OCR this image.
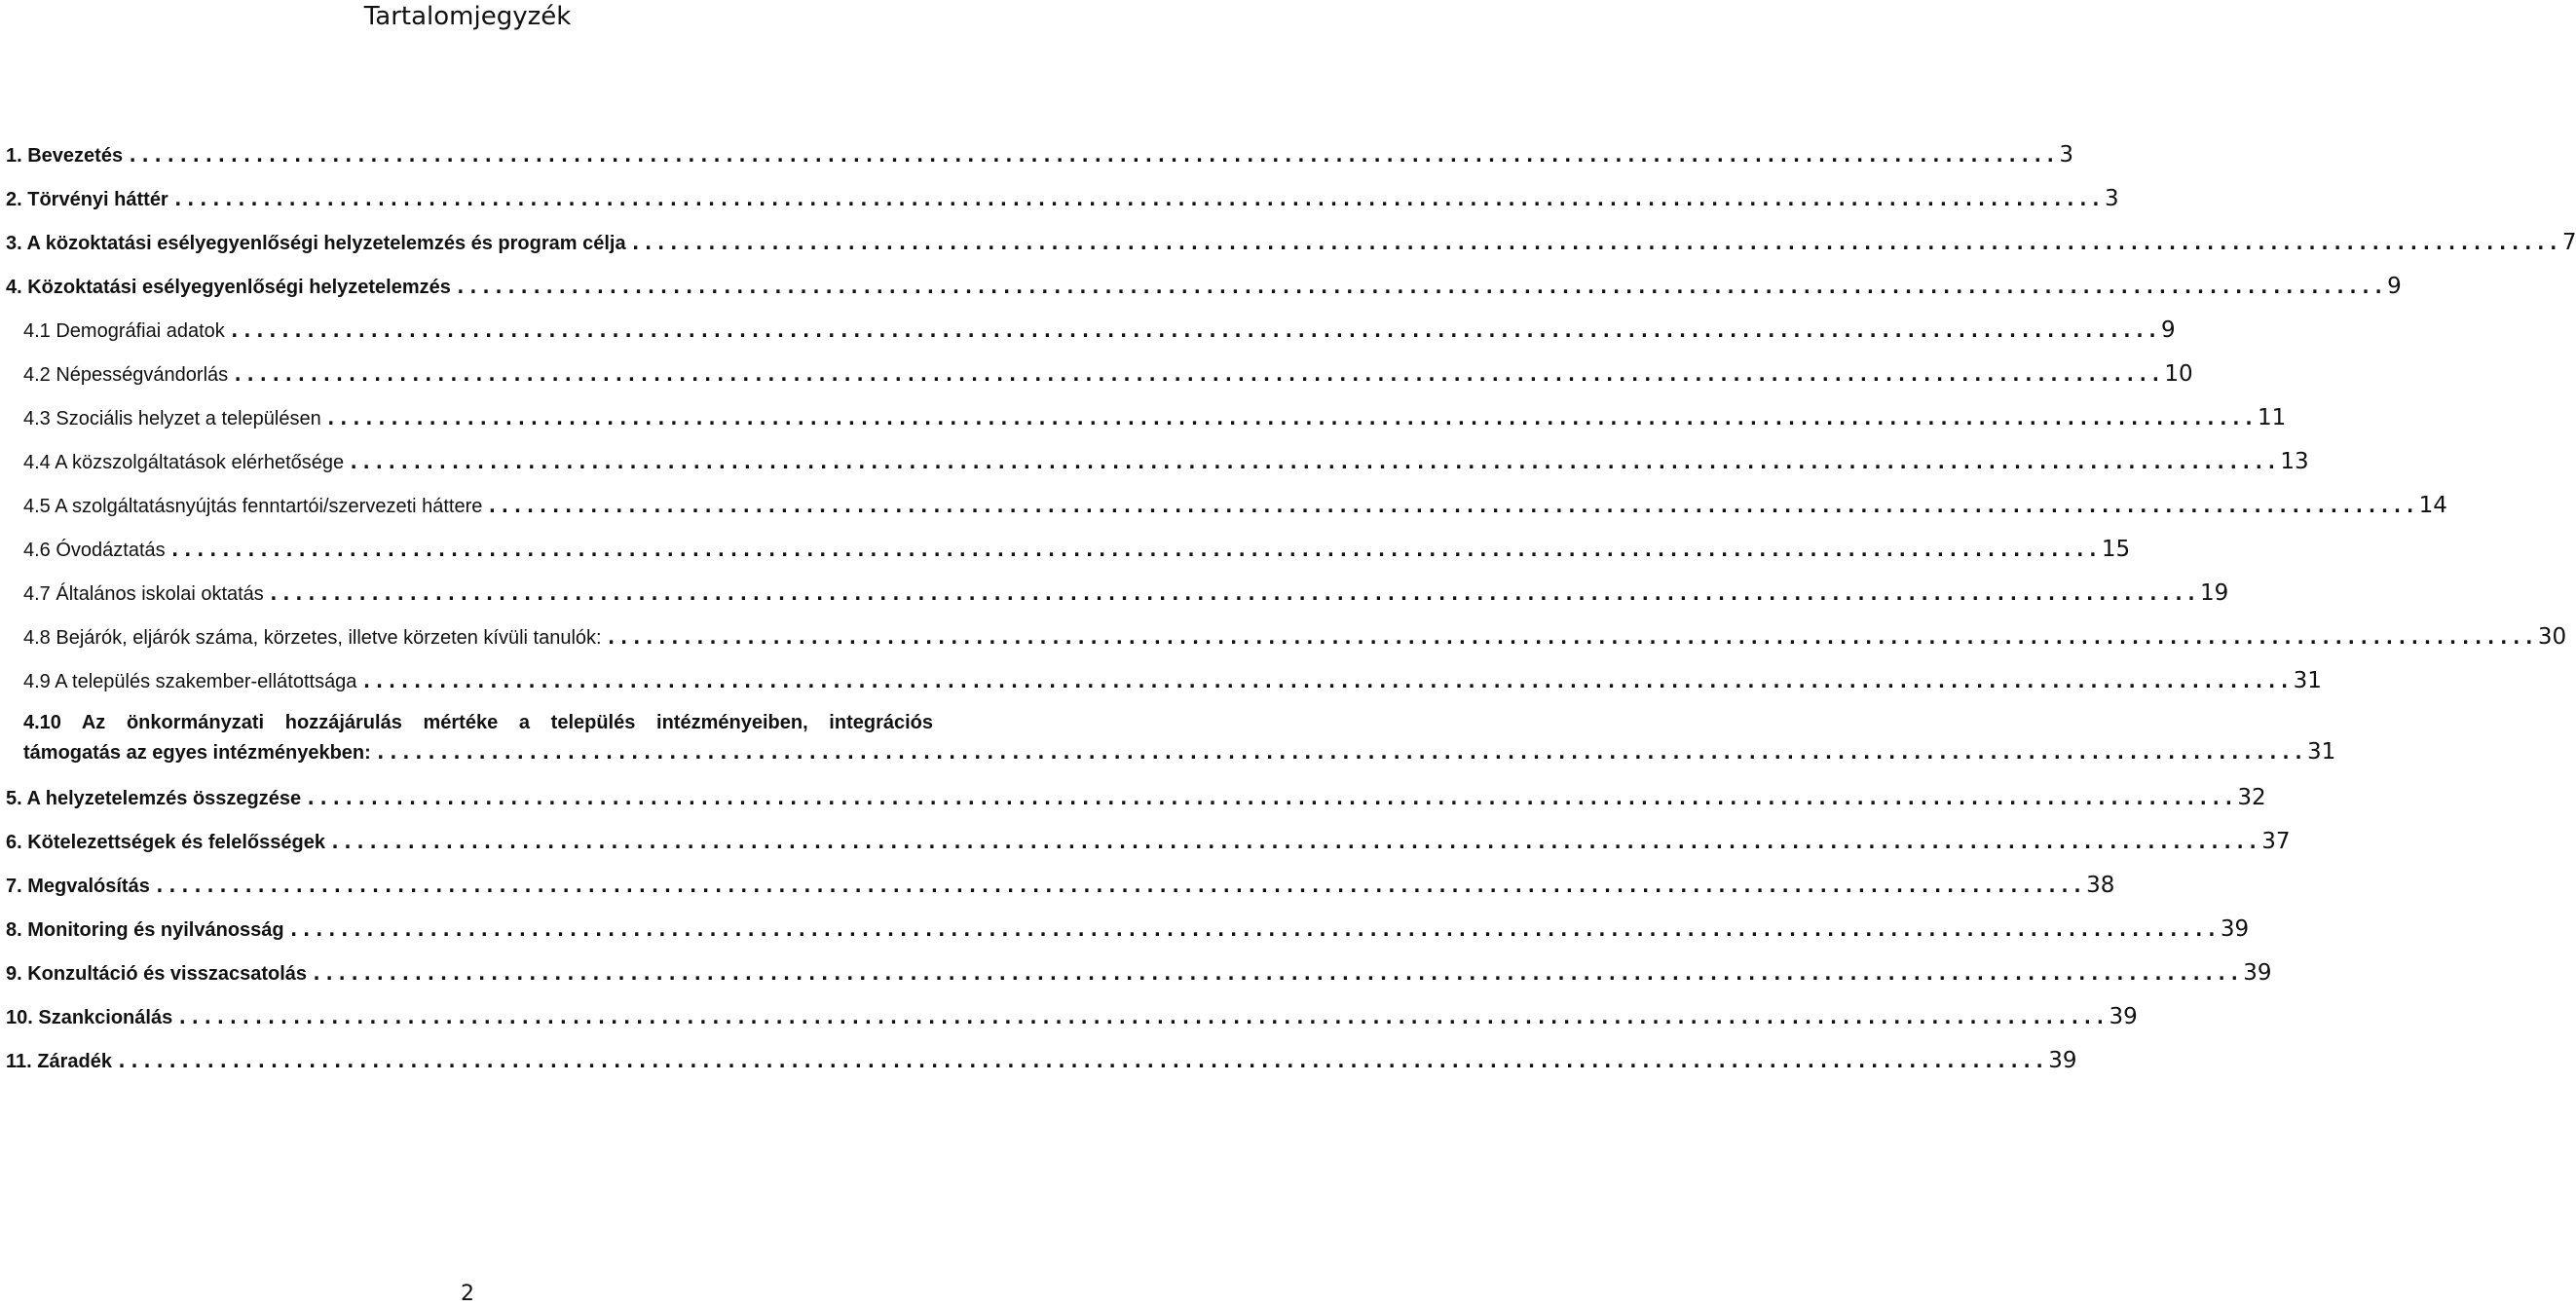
Tartalomjegyzék
1. Bevezetés ........................................................................................................................................................ 3
2. Törvényi háttér ........................................................................................................................................................ 3
3. A közoktatási esélyegyenlőségi helyzetelemzés és program célja ........................................................................................................................................................ 7
4. Közoktatási esélyegyenlőségi helyzetelemzés ........................................................................................................................................................ 9
4.1 Demográfiai adatok ........................................................................................................................................................ 9
4.2 Népességvándorlás ........................................................................................................................................................ 10
4.3 Szociális helyzet a településen ........................................................................................................................................................ 11
4.4 A közszolgáltatások elérhetősége ........................................................................................................................................................ 13
4.5 A szolgáltatásnyújtás fenntartói/szervezeti háttere ........................................................................................................................................................ 14
4.6 Óvodáztatás ........................................................................................................................................................ 15
4.7 Általános iskolai oktatás ........................................................................................................................................................ 19
4.8 Bejárók, eljárók száma, körzetes, illetve körzeten kívüli tanulók: ........................................................................................................................................................ 30
4.9 A település szakember-ellátottsága ........................................................................................................................................................ 31
4.10 Az önkormányzati hozzájárulás mértéke a település intézményeiben, integrációs
támogatás az egyes intézményekben: ........................................................................................................................................................ 31
5. A helyzetelemzés összegzése ........................................................................................................................................................ 32
6. Kötelezettségek és felelősségek ........................................................................................................................................................ 37
7. Megvalósítás ........................................................................................................................................................ 38
8. Monitoring és nyilvánosság ........................................................................................................................................................ 39
9. Konzultáció és visszacsatolás ........................................................................................................................................................ 39
10. Szankcionálás ........................................................................................................................................................ 39
11. Záradék ........................................................................................................................................................ 39
2
